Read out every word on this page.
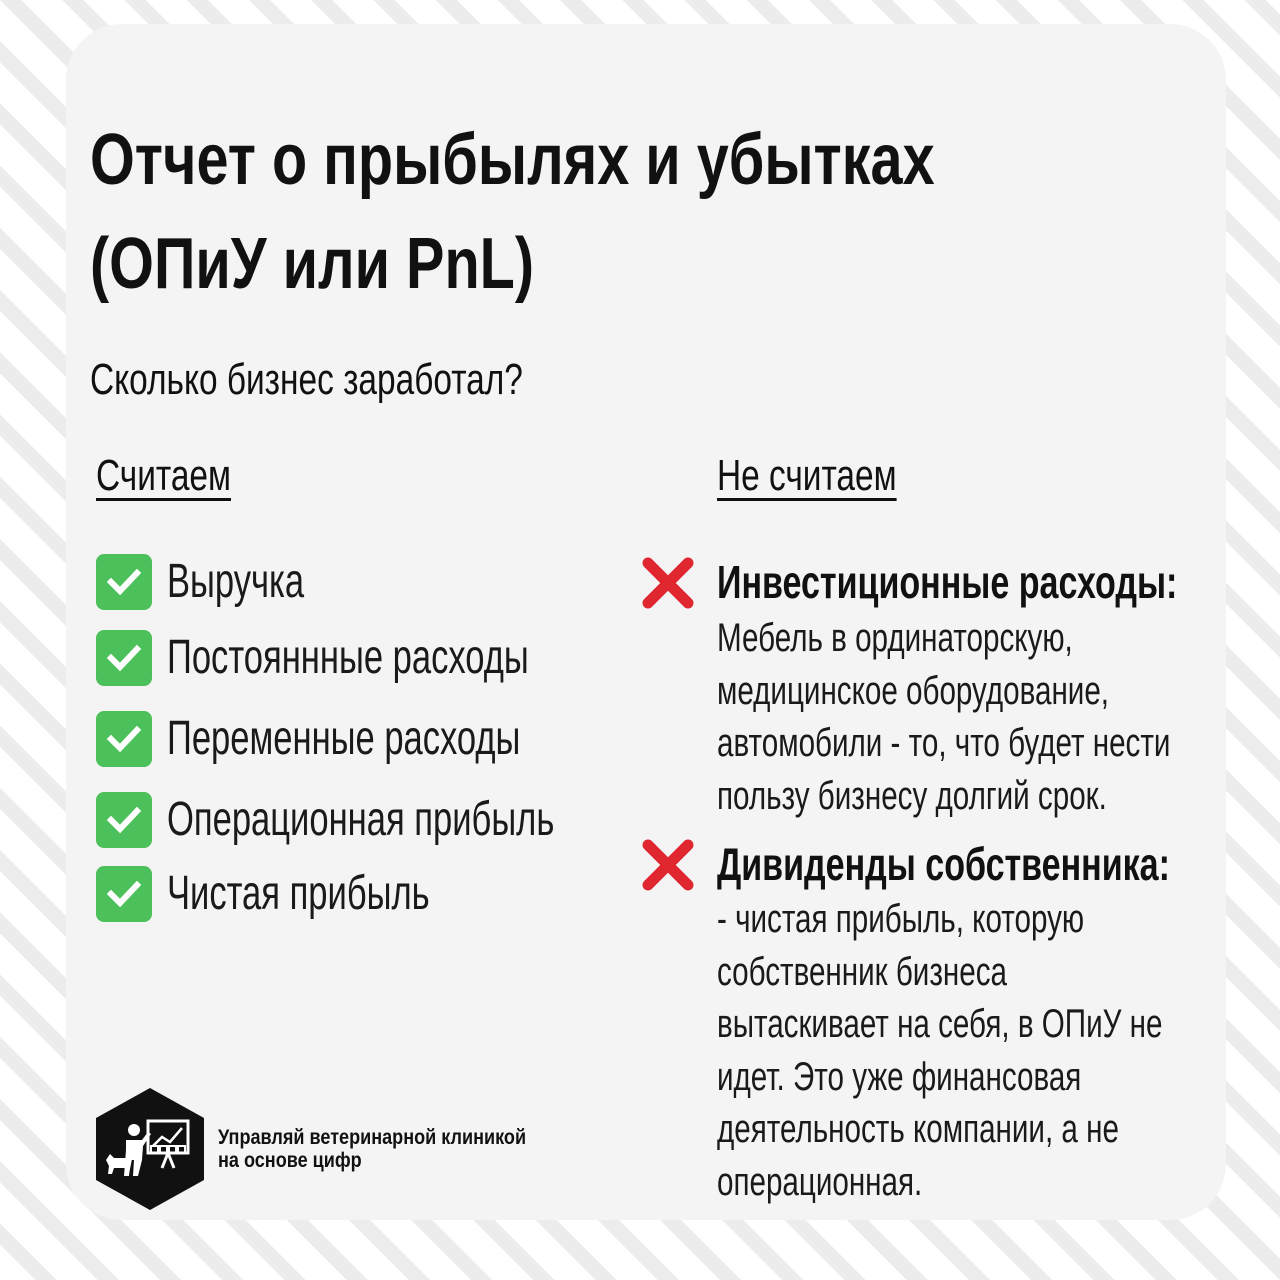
Отчет о прыбылях и убытках
(ОПиУ или PnL)

Сколько бизнес заработал?

Считаем	Не считаем
Выручка
Постояннные расходы
Переменные расходы
Операционная прибыль
Чистая прибыль
Инвестиционные расходы:

Мебель в ординаторскую,
медицинское оборудование,
автомобили - то, что будет нести
пользу бизнесу долгий срок.

Дивиденды собственника:

- чистая прибыль, которую
собственник бизнеса
вытаскивает на себя, в ОПиУ не
идет. Это уже финансовая
деятельность компании, а не
операционная.

Управляй ветеринарной клиникой
на основе цифр
